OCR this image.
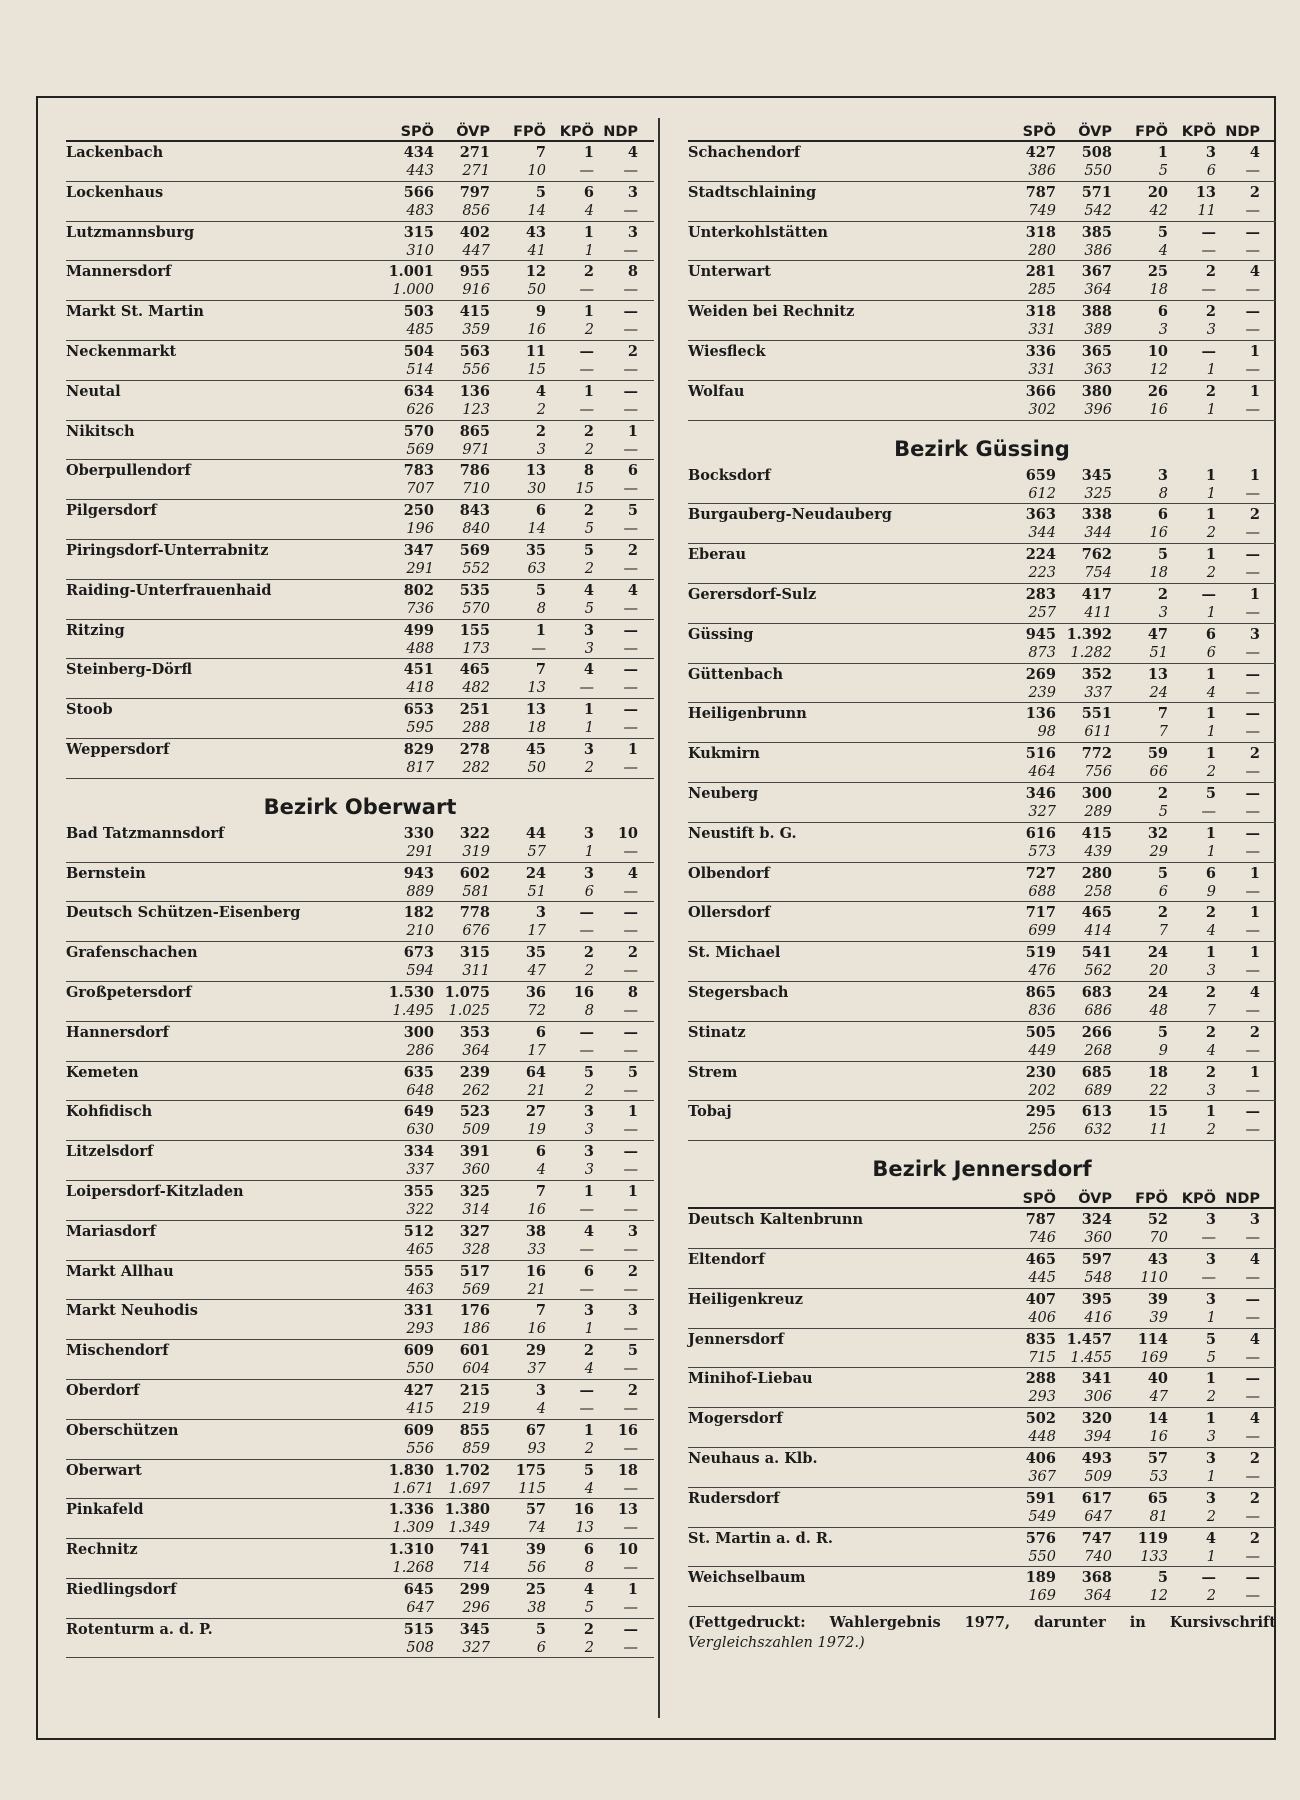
SPÖ	ÖVP	FPÖ KPÖ NDP
Lackenbach	434	271	7	1	4
443	271	10	—	—
Lockenhaus	566	797	5	6	3
483	856	14	4	—
Lutzmannsburg	315	402	43	1	3
310	447	41	1	—
Mannersdorf	1.001	955	12	2	8
1.000	916	50	—	—
Markt St. Martin	503	415	9	1	—
485	359	16	2	—
Neckenmarkt	504	563	11	—	2
514	556	15	—	—
Neutal	634	136	4	1	—
626	123	2	—	—
Nikitsch	570	865	2	2	1
569	971	3	2	—
Oberpullendorf	783	786	13	8	6
707	710	30	15	—
Pilgersdorf	250	843	6	2	5
196	840	14	5	—
Piringsdorf-Unterrabnitz	347	569	35	5	2
291	552	63	2	—
Raiding-Unterfrauenhaid	802	535	5	4	4
736	570	8	5	—
Ritzing	499	155	1	3	—
488	173	—	3	—
Steinberg-Dörfl	451	465	7	4	—
418	482	13	—	—
Stoob	653	251	13	1	—
595	288	18	1	—
Weppersdorf	829	278	45	3	1
817	282	50	2	—
Bezirk Oberwart
Bad Tatzmannsdorf	330	322	44	3	10
291	319	57	1	—
Bernstein	943	602	24	3	4
889	581	51	6	—
Deutsch Schützen-Eisenberg	182	778	3	—	—
210	676	17	—	—
Grafenschachen	673	315	35	2	2
594	311	47	2	—
Großpetersdorf	1.530 1.075	36	16	8
1.495 1.025	72	8	—
Hannersdorf	300	353	6	—	—
286	364	17	—	—
Kemeten	635	239	64	5	5
648	262	21	2	—
Kohfidisch	649	523	27	3	1
630	509	19	3	—
Litzelsdorf	334	391	6	3	—
337	360	4	3	—
Loipersdorf-Kitzladen	355	325	7	1	1
322	314	16	—	—
Mariasdorf	512	327	38	4	3
465	328	33	—	—
Markt Allhau	555	517	16	6	2
463	569	21	—	—
Markt Neuhodis	331	176	7	3	3
293	186	16	1	—
Mischendorf	609	601	29	2	5
550	604	37	4	—
Oberdorf	427	215	3	—	2
415	219	4	—	—
Oberschützen	609	855	67	1	16
556	859	93	2	—
Oberwart	1.830 1.702	175	5	18
1.671 1.697	115	4	—
Pinkafeld	1.336 1.380	57	16	13
1.309 1.349	74	13	—
Rechnitz	1.310	741	39	6	10
1.268	714	56	8	—
Riedlingsdorf	645	299	25	4	1
647	296	38	5	—
Rotenturm a. d. P.	515	345	5	2	—
508	327	6	2	—
SPÖ	ÖVP	FPÖ KPÖ NDP
Schachendorf	427	508	1	3	4
386	550	5	6	—
Stadtschlaining	787	571	20	13	2
749	542	42	11	—
Unterkohlstätten	318	385	5	—	—
280	386	4	—	—
Unterwart	281	367	25	2	4
285	364	18	—	—
Weiden bei Rechnitz	318	388	6	2	—
331	389	3	3	—
Wiesfleck	336	365	10	—	1
331	363	12	1	—
Wolfau	366	380	26	2	1
302	396	16	1	—
Bezirk Güssing
Bocksdorf	659	345	3	1	1
612	325	8	1	—
Burgauberg-Neudauberg	363	338	6	1	2
344	344	16	2	—
Eberau	224	762	5	1	—
223	754	18	2	—
Gerersdorf-Sulz	283	417	2	—	1
257	411	3	1	—
Güssing	945 1.392	47	6	3
873 1.282	51	6	—
Güttenbach	269	352	13	1	—
239	337	24	4	—
Heiligenbrunn	136	551	7	1	—
98	611	7	1	—
Kukmirn	516	772	59	1	2
464	756	66	2	—
Neuberg	346	300	2	5	—
327	289	5	—	—
Neustift b. G.	616	415	32	1	—
573	439	29	1	—
Olbendorf	727	280	5	6	1
688	258	6	9	—
Ollersdorf	717	465	2	2	1
699	414	7	4	—
St. Michael	519	541	24	1	1
476	562	20	3	—
Stegersbach	865	683	24	2	4
836	686	48	7	—
Stinatz	505	266	5	2	2
449	268	9	4	—
Strem	230	685	18	2	1
202	689	22	3	—
Tobaj	295	613	15	1	—
256	632	11	2	—
Bezirk Jennersdorf
SPÖ	ÖVP	FPÖ KPÖ NDP
Deutsch Kaltenbrunn	787	324	52	3	3
746	360	70	—	—
Eltendorf	465	597	43	3	4
445	548	110	—	—
Heiligenkreuz	407	395	39	3	—
406	416	39	1	—
Jennersdorf	835 1.457	114	5	4
715 1.455	169	5	—
Minihof-Liebau	288	341	40	1	—
293	306	47	2	—
Mogersdorf	502	320	14	1	4
448	394	16	3	—
Neuhaus a. Klb.	406	493	57	3	2
367	509	53	1	—
Rudersdorf	591	617	65	3	2
549	647	81	2	—
St. Martin a. d. R.	576	747	119	4	2
550	740	133	1	—
Weichselbaum	189	368	5	—	—
169	364	12	2	—
(Fettgedruckt: Wahlergebnis 1977, darunter in Kursivschrift Vergleichszahlen 1972.)
